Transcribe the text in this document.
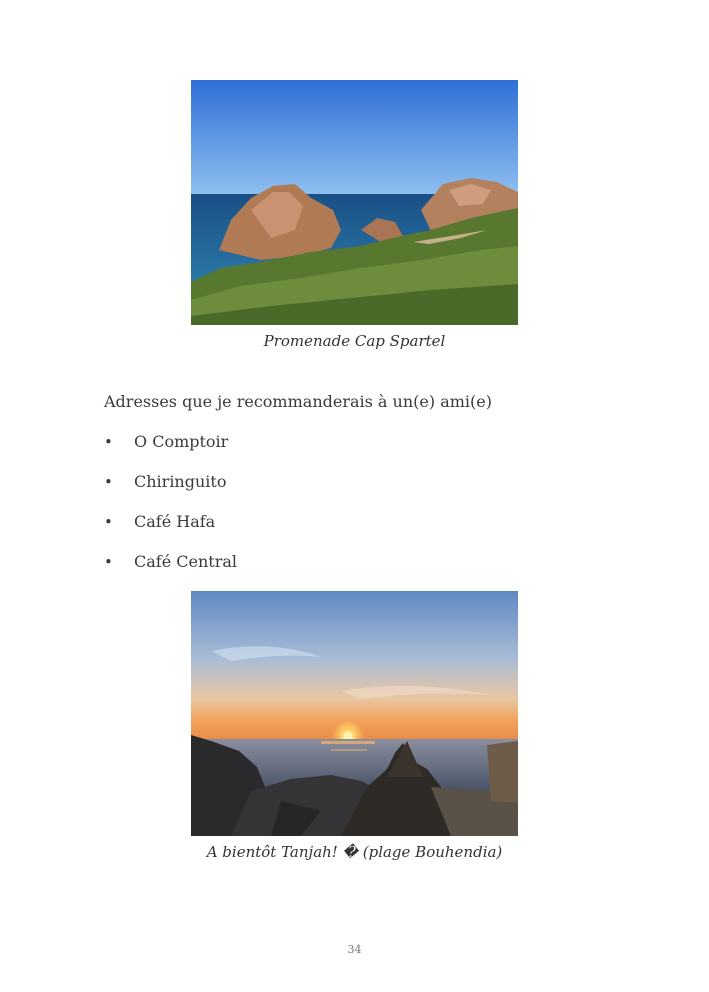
Promenade Cap Spartel
Adresses que je recommanderais à un(e) ami(e)
• O Comptoir
• Chiringuito
• Café Hafa
• Café Central
A bientôt Tanjah! � (plage Bouhendia)
34
